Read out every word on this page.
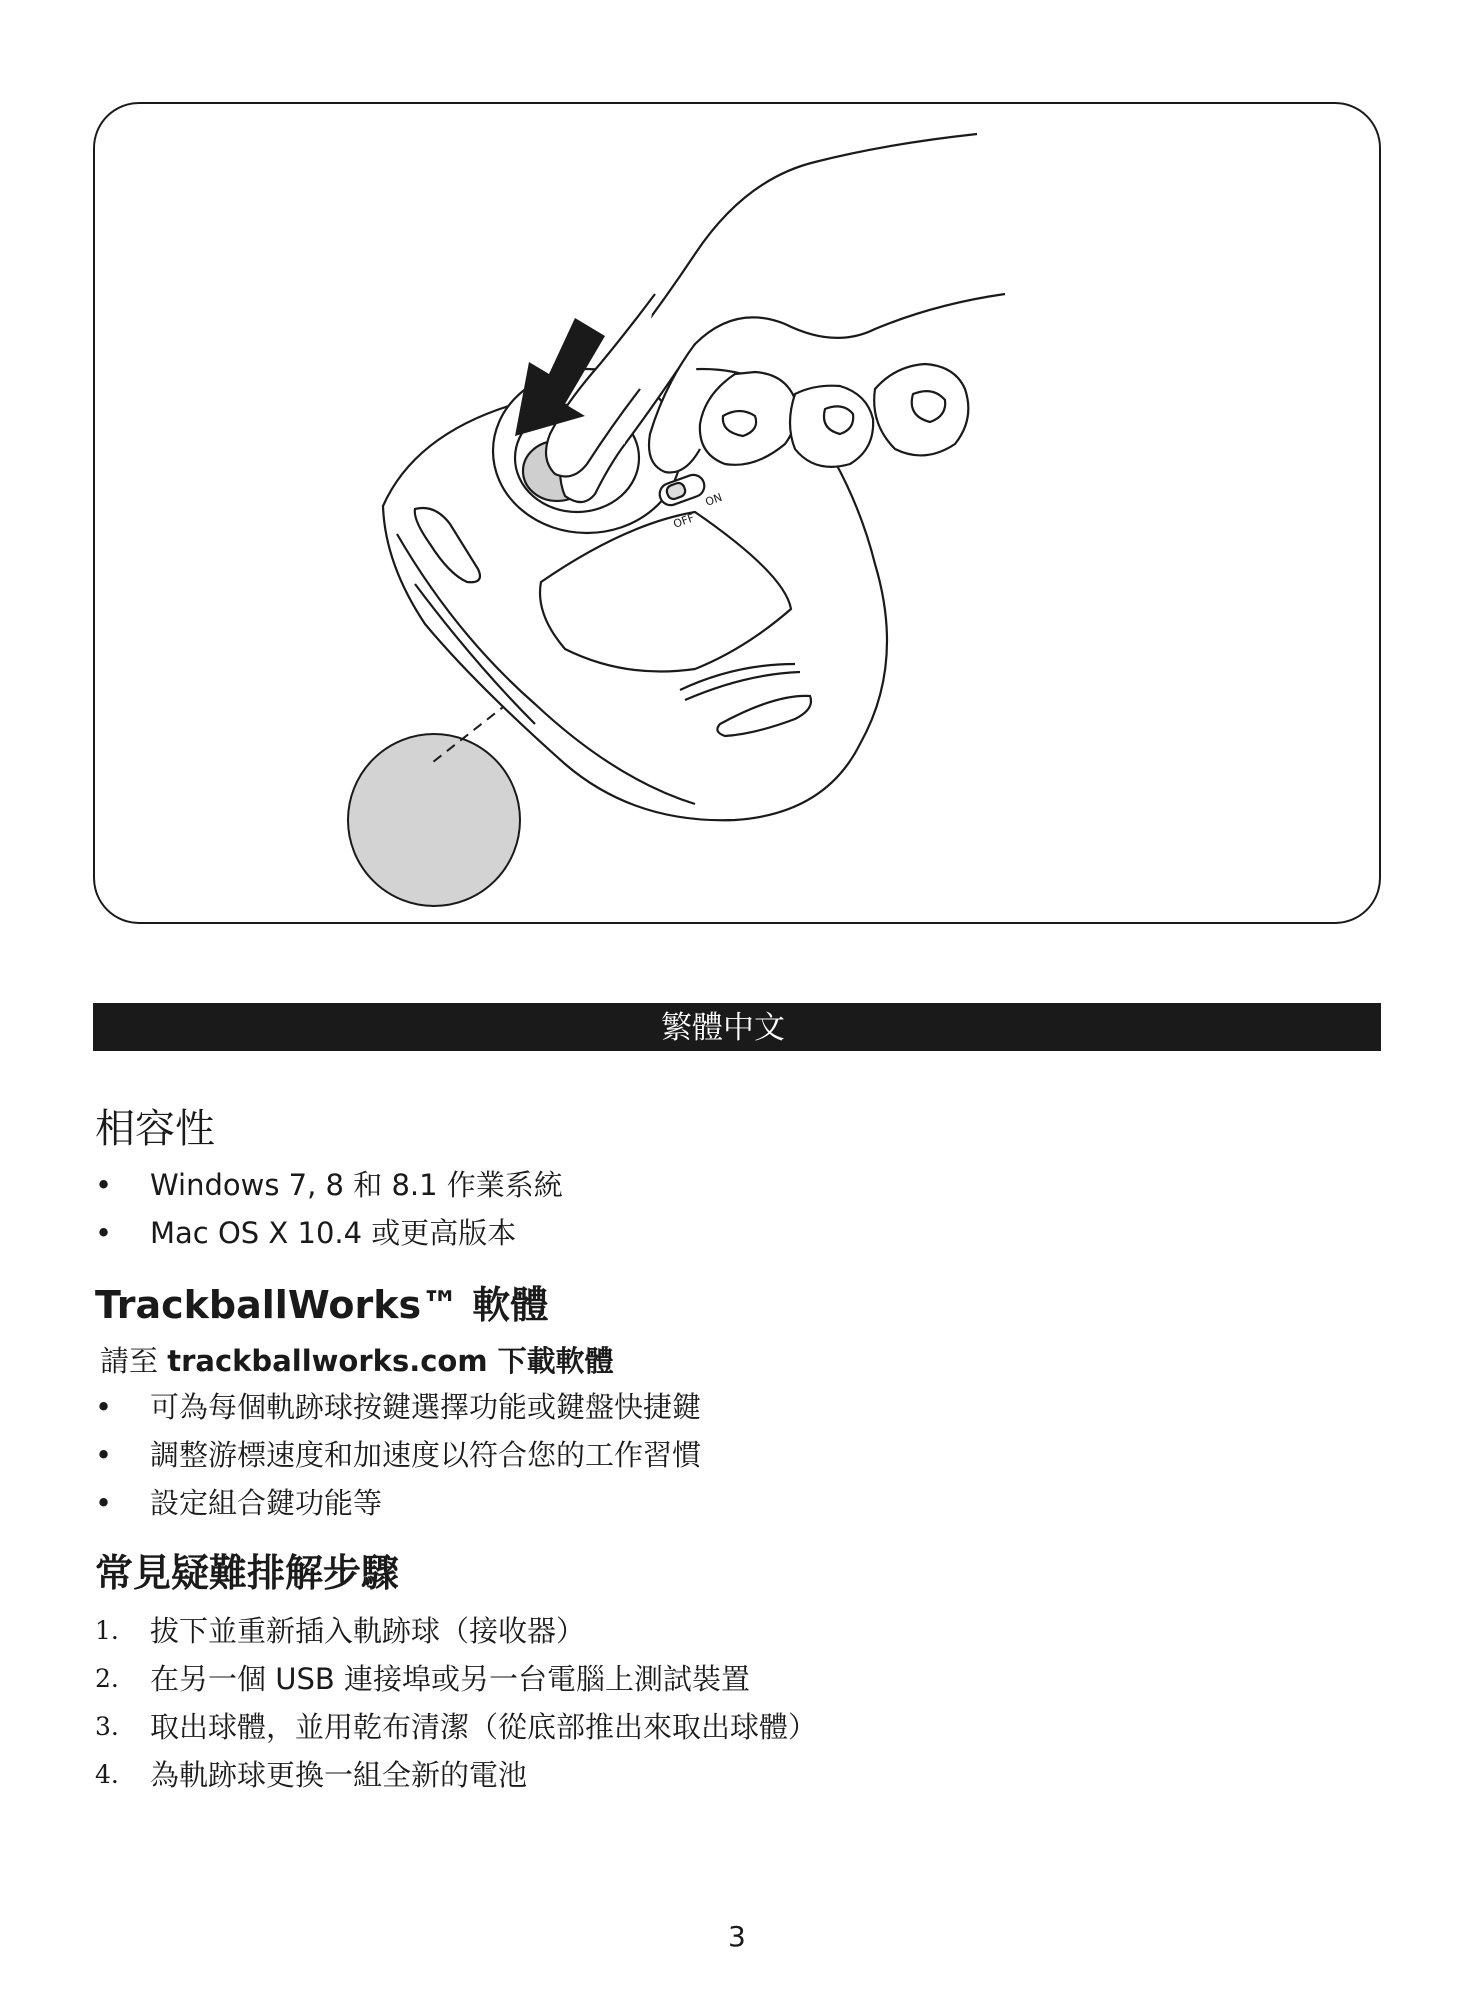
OFF
ON
繁體中文
相容性
• Windows 7, 8 和 8.1 作業系統
• Mac OS X 10.4 或更高版本
TrackballWorks™ 軟體
請至 trackballworks.com 下載軟體
• 可為每個軌跡球按鍵選擇功能或鍵盤快捷鍵
• 調整游標速度和加速度以符合您的工作習慣
• 設定組合鍵功能等
常見疑難排解步驟
1. 拔下並重新插入軌跡球（接收器）
2. 在另一個 USB 連接埠或另一台電腦上測試裝置
3. 取出球體，並用乾布清潔（從底部推出來取出球體）
4. 為軌跡球更換一組全新的電池
3
